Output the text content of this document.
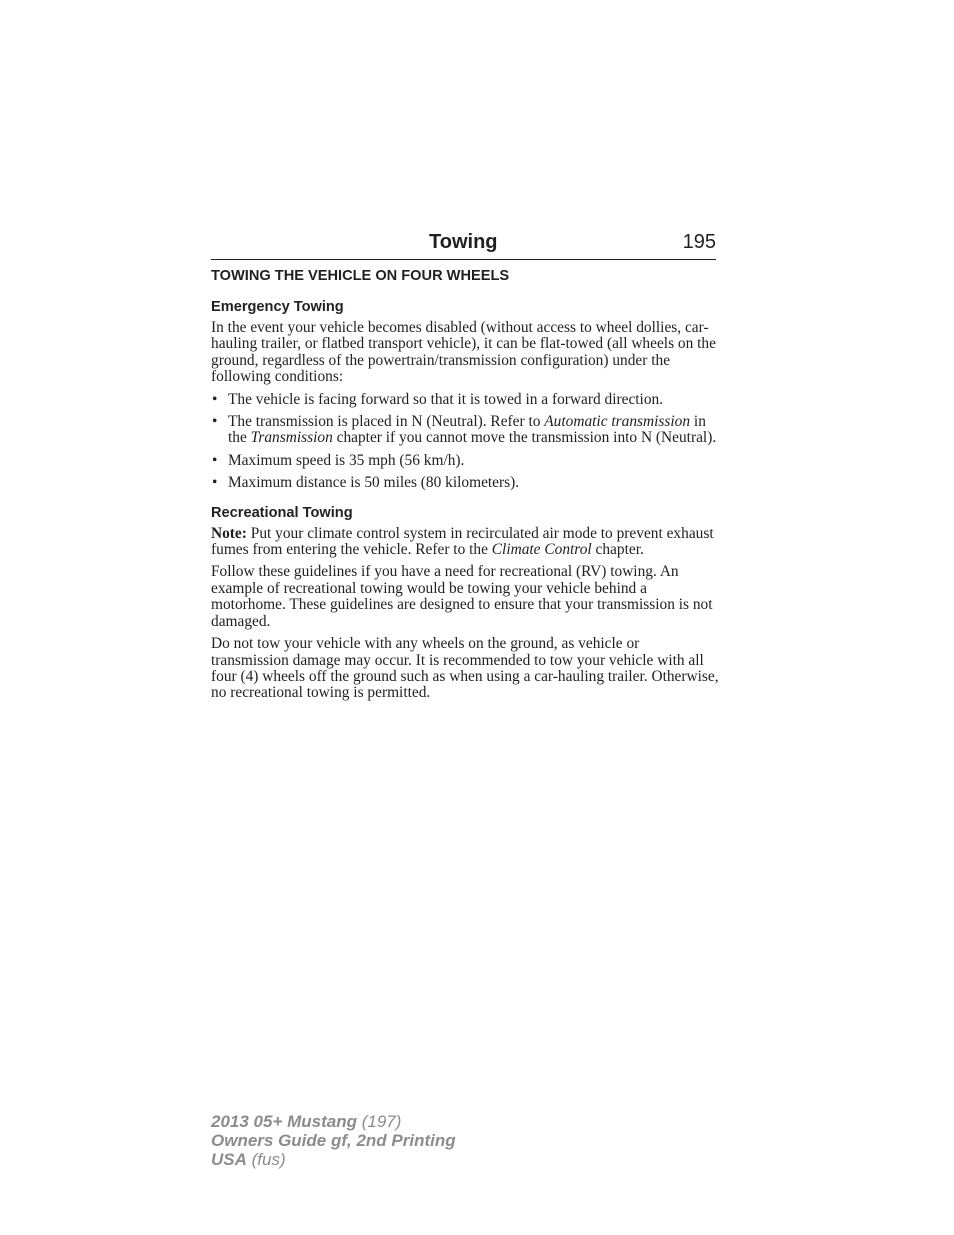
Towing	195
TOWING THE VEHICLE ON FOUR WHEELS
Emergency Towing

In the event your vehicle becomes disabled (without access to wheel dollies, car-hauling trailer, or flatbed transport vehicle), it can be flat-towed (all wheels on the ground, regardless of the powertrain/transmission configuration) under the following conditions:

• The vehicle is facing forward so that it is towed in a forward direction.
• The transmission is placed in N (Neutral). Refer to Automatic transmission in the Transmission chapter if you cannot move the transmission into N (Neutral).
• Maximum speed is 35 mph (56 km/h).
• Maximum distance is 50 miles (80 kilometers).
Recreational Towing

Note: Put your climate control system in recirculated air mode to prevent exhaust fumes from entering the vehicle. Refer to the Climate Control chapter.

Follow these guidelines if you have a need for recreational (RV) towing. An example of recreational towing would be towing your vehicle behind a motorhome. These guidelines are designed to ensure that your transmission is not damaged.

Do not tow your vehicle with any wheels on the ground, as vehicle or transmission damage may occur. It is recommended to tow your vehicle with all four (4) wheels off the ground such as when using a car-hauling trailer. Otherwise, no recreational towing is permitted.

2013 05+ Mustang (197)
Owners Guide gf, 2nd Printing
USA (fus)
